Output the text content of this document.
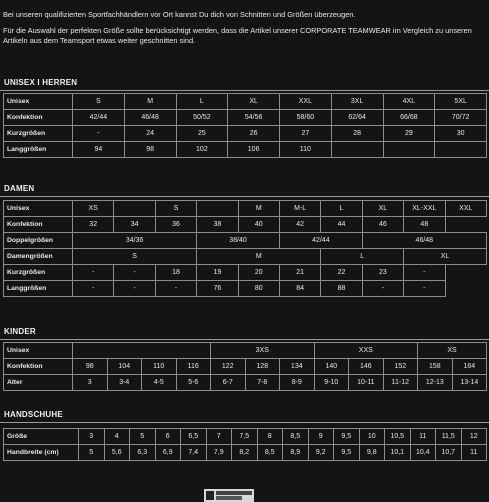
Bei unseren qualifizierten Sportfachhändlern vor Ort kannst Du dich von Schnitten und Größen überzeugen.

Für die Auswahl der perfekten Größe sollte berücksichtigt werden, dass die Artikel unserer CORPORATE TEAMWEAR im Vergleich zu unseren Artikeln aus dem Teamsport etwas weiter geschnitten sind.

UNISEX I HERREN
Unisex	S	M	L	XL	XXL	3XL	4XL	5XL
Konfektion	42/44	46/48	50/52	54/56	58/60	62/64	66/68	70/72
Kurzgrößen	-	24	25	26	27	28	29	30
Langgrößen	94	98	102	106	110			
DAMEN
Unisex	XS		S		M	M-L	L	XL	XL-XXL	XXL
Konfektion	32	34	36	38	40	42	44	46	48	
Doppelgrößen	34/36			38/40		42/44		46/48		
Damengrößen	S			M			L		XL	
Kurzgrößen	-	-	18	19	20	21	22	23	-	
Langgrößen	-	-	-	76	80	84	88	-	-	
KINDER
Unisex					3XS			XXS			XS	
Konfektion	98	104	110	116	122	128	134	140	146	152	158	164
Alter	3	3-4	4-5	5-6	6-7	7-8	8-9	9-10	10-11	11-12	12-13	13-14
HANDSCHUHE
Größe	3	4	5	6	6,5	7	7,5	8	8,5	9	9,5	10	10,5	11	11,5	12
Handbreite (cm)	5	5,6	6,3	6,9	7,4	7,9	8,2	8,5	8,9	9,2	9,5	9,8	10,1	10,4	10,7	11
